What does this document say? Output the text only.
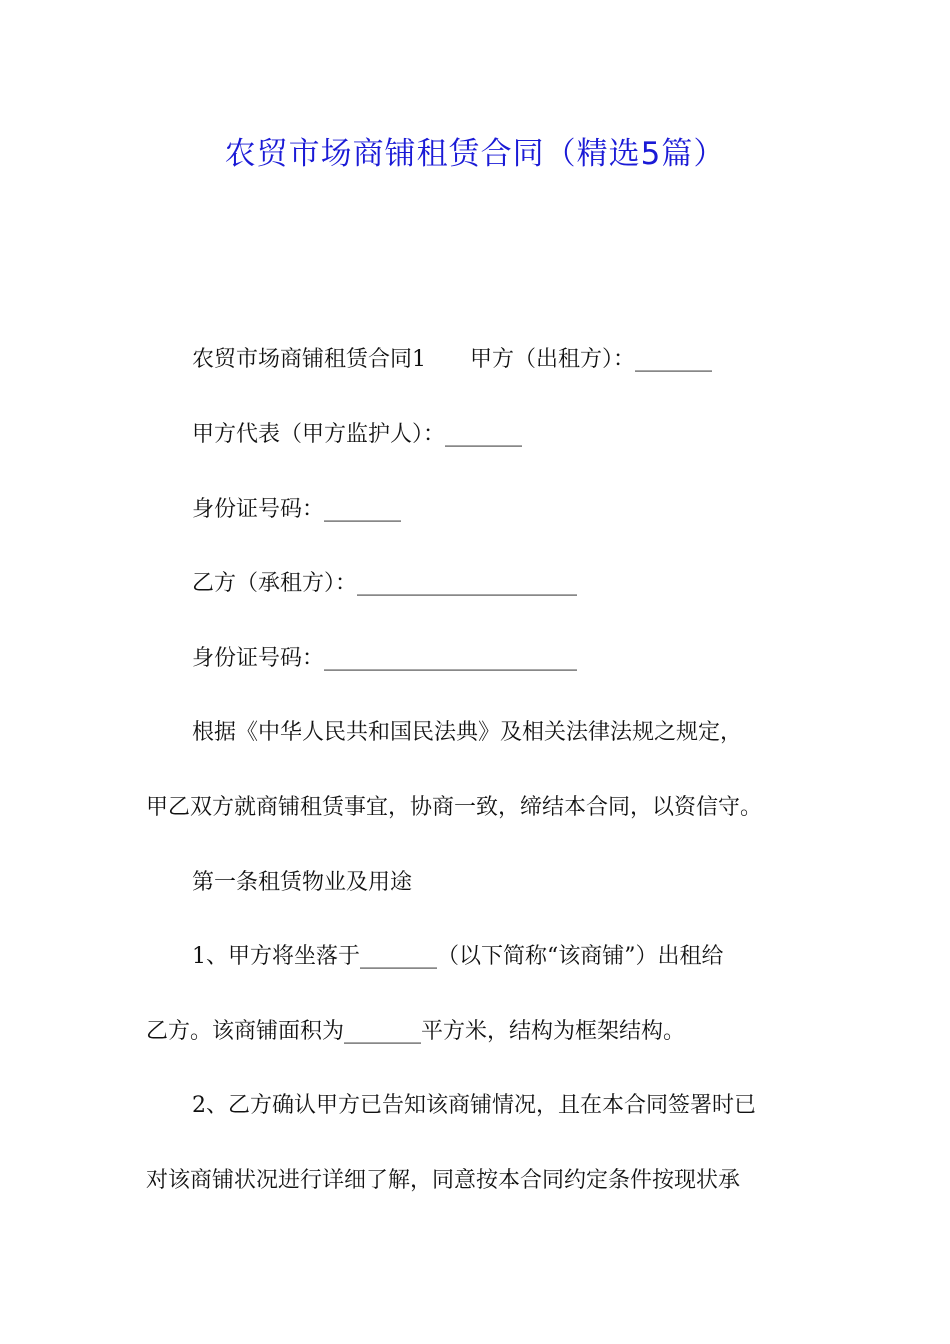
农贸市场商铺租赁合同（精选5篇）
农贸市场商铺租赁合同1　　甲方（出租方）：_______
甲方代表（甲方监护人）：_______
身份证号码：_______
乙方（承租方）：____________________
身份证号码：_______________________
根据《中华人民共和国民法典》及相关法律法规之规定，
甲乙双方就商铺租赁事宜，协商一致，缔结本合同，以资信守。
第一条租赁物业及用途
1、甲方将坐落于_______（以下简称“该商铺”）出租给
乙方。该商铺面积为_______平方米，结构为框架结构。
2、乙方确认甲方已告知该商铺情况，且在本合同签署时已
对该商铺状况进行详细了解，同意按本合同约定条件按现状承
